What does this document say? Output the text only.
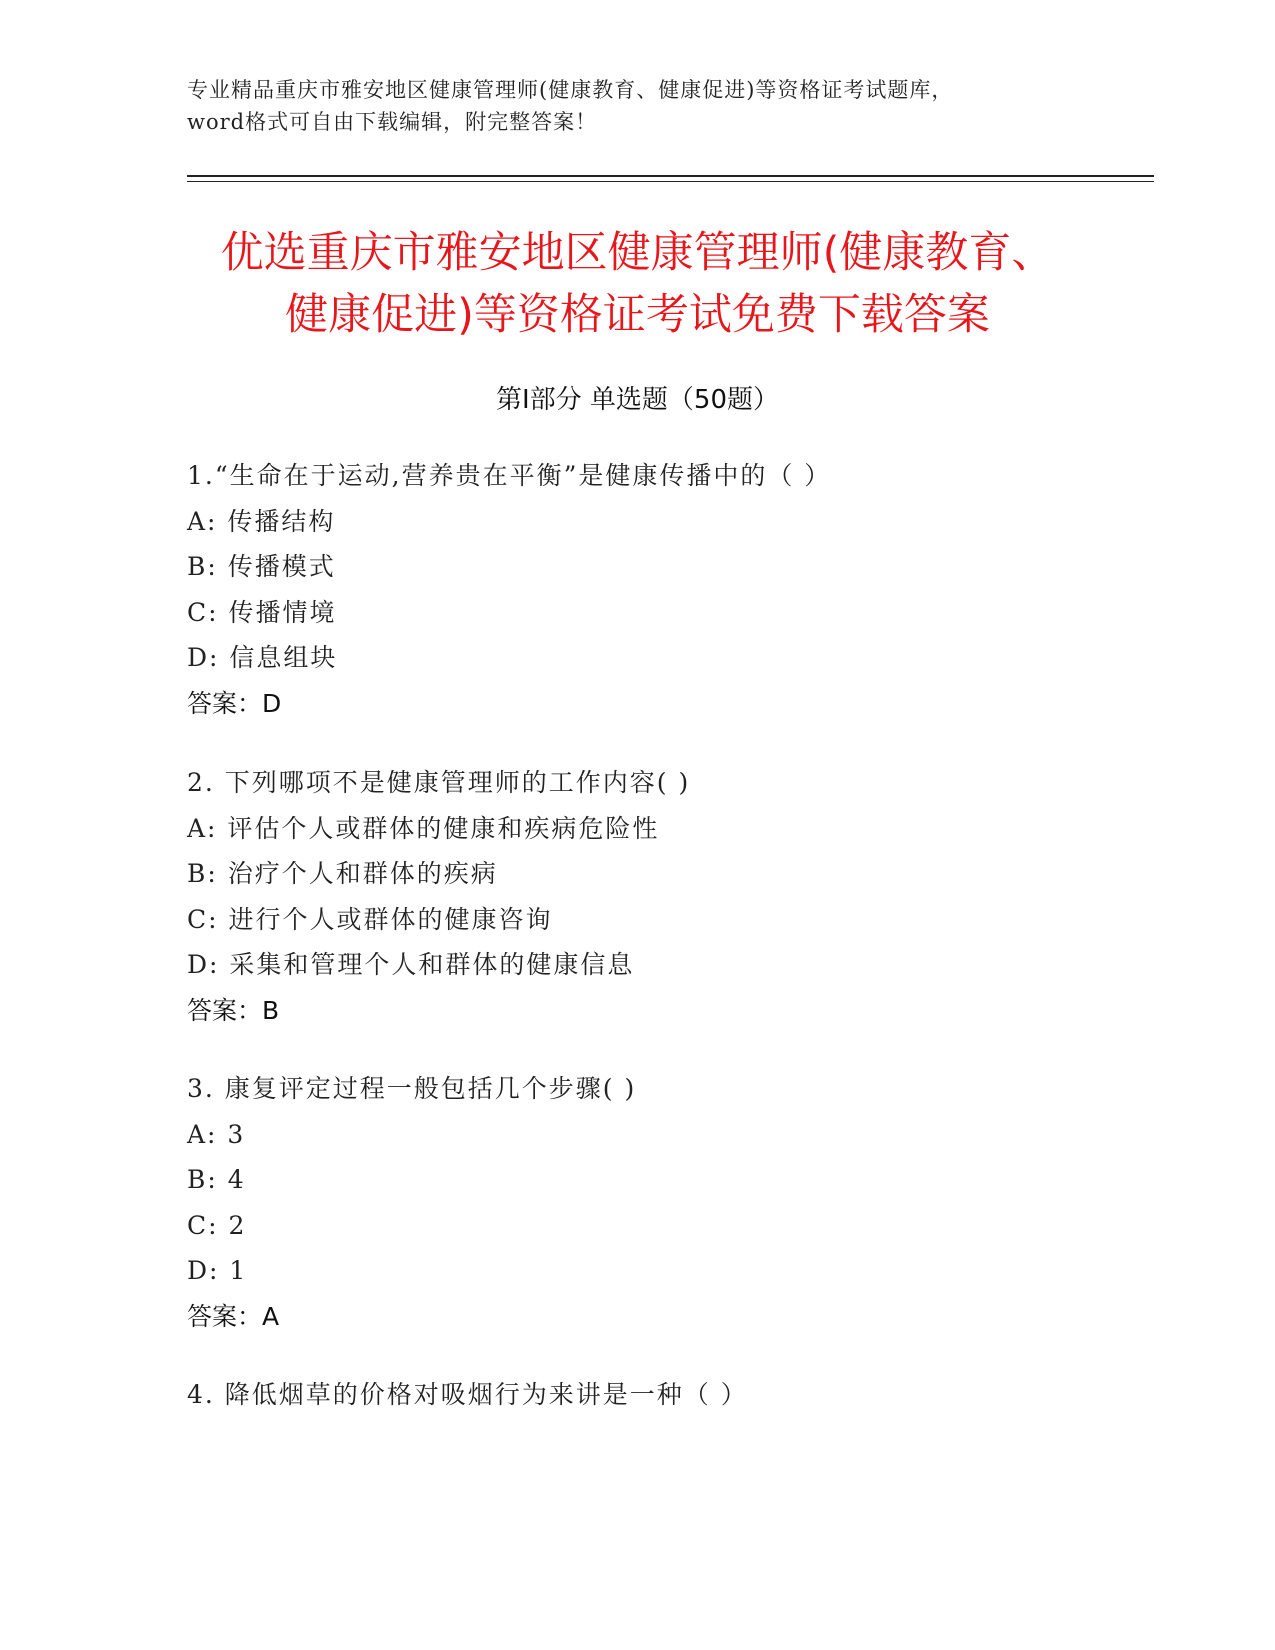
专业精品重庆市雅安地区健康管理师(健康教育、健康促进)等资格证考试题库，
word格式可自由下载编辑，附完整答案！
优选重庆市雅安地区健康管理师(健康教育、
健康促进)等资格证考试免费下载答案
第Ⅰ部分 单选题（50题）
1.“生命在于运动,营养贵在平衡”是健康传播中的（ ）
A: 传播结构
B: 传播模式
C: 传播情境
D: 信息组块
答案：D
2. 下列哪项不是健康管理师的工作内容( )
A: 评估个人或群体的健康和疾病危险性
B: 治疗个人和群体的疾病
C: 进行个人或群体的健康咨询
D: 采集和管理个人和群体的健康信息
答案：B
3. 康复评定过程一般包括几个步骤( )
A: 3
B: 4
C: 2
D: 1
答案：A
4. 降低烟草的价格对吸烟行为来讲是一种（ ）
